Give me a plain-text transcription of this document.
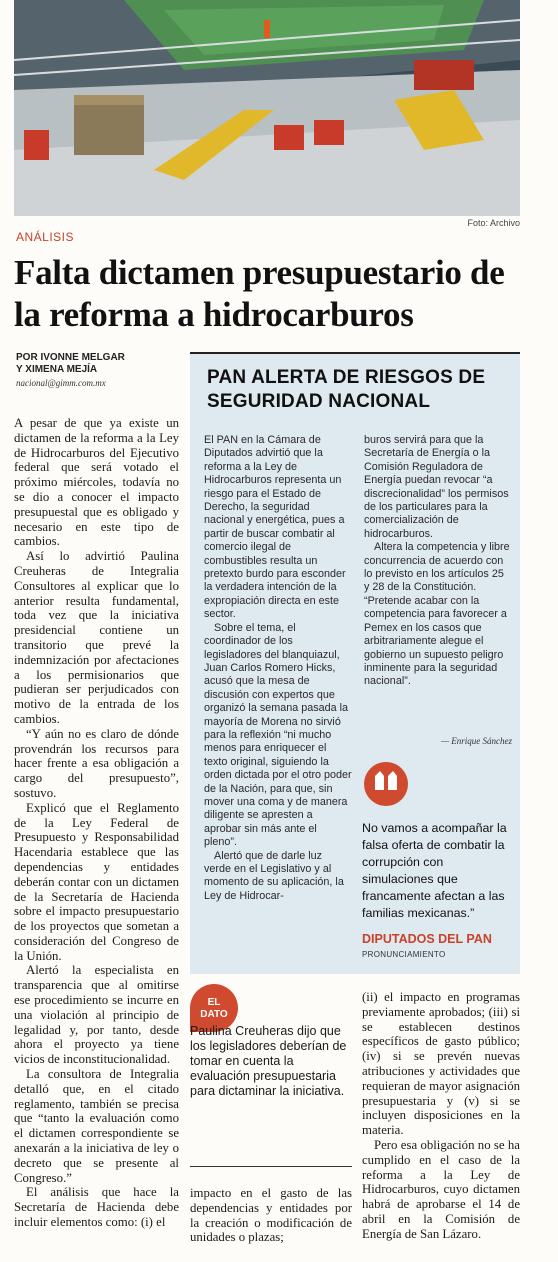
Foto: Archivo
ANÁLISIS
Falta dictamen presupuestario de la reforma a hidrocarburos
POR IVONNE MELGAR
Y XIMENA MEJÍA
nacional@gimm.com.mx

A pesar de que ya existe un dictamen de la reforma a la Ley de Hidrocarburos del Ejecutivo federal que será votado el próximo miércoles, todavía no se dio a conocer el impacto presupuestal que es obligado y necesario en este tipo de cambios.

Así lo advirtió Paulina Creuheras de Integralia Consultores al explicar que lo anterior resulta fundamental, toda vez que la iniciativa presidencial contiene un transitorio que prevé la indemnización por afectaciones a los permisionarios que pudieran ser perjudicados con motivo de la entrada de los cambios.

“Y aún no es claro de dónde provendrán los recursos para hacer frente a esa obligación a cargo del presupuesto”, sostuvo.

Explicó que el Reglamento de la Ley Federal de Presupuesto y Responsabilidad Hacendaria establece que las dependencias y entidades deberán contar con un dictamen de la Secretaría de Hacienda sobre el impacto presupuestario de los proyectos que sometan a consideración del Congreso de la Unión.

Alertó la especialista en transparencia que al omitirse ese procedimiento se incurre en una violación al principio de legalidad y, por tanto, desde ahora el proyecto ya tiene vicios de inconstitucionalidad.

La consultora de Integralia detalló que, en el citado reglamento, también se precisa que “tanto la evaluación como el dictamen correspondiente se anexarán a la iniciativa de ley o decreto que se presente al Congreso.”

El análisis que hace la Secretaría de Hacienda debe incluir elementos como: (i) el

PAN ALERTA DE RIESGOS DE SEGURIDAD NACIONAL

El PAN en la Cámara de Diputados advirtió que la reforma a la Ley de Hidrocarburos representa un riesgo para el Estado de Derecho, la seguridad nacional y energética, pues a partir de buscar combatir al comercio ilegal de combustibles resulta un pretexto burdo para esconder la verdadera intención de la expropiación directa en este sector.

Sobre el tema, el coordinador de los legisladores del blanquiazul, Juan Carlos Romero Hicks, acusó que la mesa de discusión con expertos que organizó la semana pasada la mayoría de Morena no sirvió para la reflexión “ni mucho menos para enriquecer el texto original, siguiendo la orden dictada por el otro poder de la Nación, para que, sin mover una coma y de manera diligente se apresten a aprobar sin más ante el pleno”.

Alertó que de darle luz verde en el Legislativo y al momento de su aplicación, la Ley de Hidrocar-

buros servirá para que la Secretaría de Energía o la Comisión Reguladora de Energía puedan revocar “a discrecionalidad” los permisos de los particulares para la comercialización de hidrocarburos.

Altera la competencia y libre concurrencia de acuerdo con lo previsto en los artículos 25 y 28 de la Constitución. “Pretende acabar con la competencia para favorecer a Pemex en los casos que arbitrariamente alegue el gobierno un supuesto peligro inminente para la seguridad nacional”.

— Enrique Sánchez
No vamos a acompañar la falsa oferta de combatir la corrupción con simulaciones que francamente afectan a las familias mexicanas.”
DIPUTADOS DEL PAN
PRONUNCIAMIENTO
EL
DATO
Paulina Creuheras dijo que los legisladores deberían de tomar en cuenta la evaluación presupuestaria para dictaminar la iniciativa.

impacto en el gasto de las dependencias y entidades por la creación o modificación de unidades o plazas;

(ii) el impacto en programas previamente aprobados; (iii) si se establecen destinos específicos de gasto público; (iv) si se prevén nuevas atribuciones y actividades que requieran de mayor asignación presupuestaria y (v) si se incluyen disposiciones en la materia.

Pero esa obligación no se ha cumplido en el caso de la reforma a la Ley de Hidrocarburos, cuyo dictamen habrá de aprobarse el 14 de abril en la Comisión de Energía de San Lázaro.
